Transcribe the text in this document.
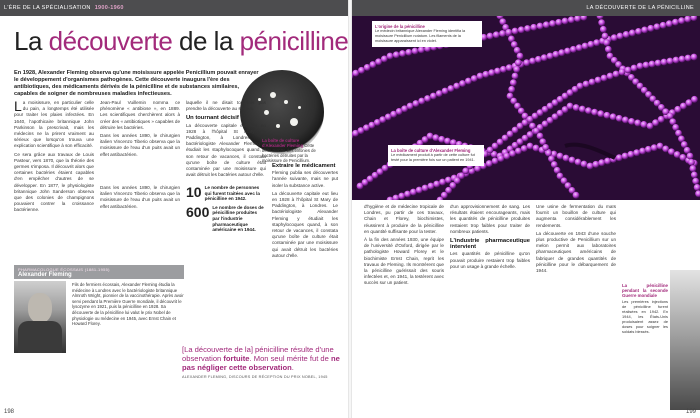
L'ÈRE DE LA SPÉCIALISATION 1900-1960
La découverte de la pénicilline
En 1928, Alexander Fleming observa qu'une moisissure appelée Penicillium pouvait enrayer le développement d'organismes pathogènes. Cette découverte inaugura l'ère des antibiotiques, des médicaments dérivés de la pénicilline et de substances similaires, capables de soigner de nombreuses maladies infectieuses.
La boîte de culture d'Alexander Fleming Cette boîte montre des colonies de bactéries détruites par la moisissure de Penicillium.

La moisissure, en particulier celle du pain, a longtemps été utilisée pour traiter les plaies infectées. En 1640, l'apothicaire britannique John Parkinson la prescrivait, mais les médecins ne la prirent vraiment au sérieux que lorsqu'on trouva une explication scientifique à son efficacité.

Ce sera grâce aux travaux de Louis Pasteur, vers 1870, que la théorie des germes s'imposa. Il découvrit alors que certaines bactéries étaient capables d'en empêcher d'autres de se développer. En 1877, le physiologiste britannique John Sanderson observa que des colonies de champignons pouvaient contrer la croissance bactérienne.

Jean-Paul Vuillemin nomma ce phénomène « antibiose », en 1889. Les scientifiques cherchèrent alors à créer des « antibiotiques » capables de détruire les bactéries.

Dans les années 1890, le chirurgien italien Vincenzo Tiberio observa que la moisissure de l'eau d'un puits avait un effet antibactérien.

10 Le nombre de personnes qui furent traitées avec la pénicilline en 1942.
600 Le nombre de doses de pénicilline produites par l'industrie pharmaceutique américaine en 1944.

Dans les années 1890, le chirurgien italien Vincenzo Tiberio observa que la moisissure de l'eau d'un puits avait un effet antibactérien.

laquelle il ne disait toutefois pas prendre la découverte au sérieux.

Un tournant décisif

La découverte capitale eut lieu en 1928 à l'hôpital St Mary de Paddington, à Londres. Le bactériologiste Alexander Fleming y étudiait les staphylocoques quand, à son retour de vacances, il constata qu'une boîte de culture était contaminée par une moisissure qui avait détruit les bactéries autour d'elle.

Extraire le médicament

Fleming publia ses découvertes l'année suivante, mais ne put isoler la substance active.

La découverte capitale eut lieu en 1928 à l'hôpital St Mary de Paddington, à Londres. Le bactériologiste Alexander Fleming y étudiait les staphylocoques quand, à son retour de vacances, il constata qu'une boîte de culture était contaminée par une moisissure qui avait détruit les bactéries autour d'elle.

PHARMACOLOGUE ÉCOSSAIS (1881-1955)
Alexander Fleming
Fils de fermiers écossais, Alexander Fleming étudia la médecine à Londres avec le bactériologiste britannique Almroth Wright, pionnier de la vaccinothérapie. Après avoir servi pendant la Première Guerre mondiale, il découvrit le lysozyme en 1921, puis la pénicilline en 1928. Sa découverte de la pénicilline lui valut le prix Nobel de physiologie ou médecine en 1945, avec Ernst Chain et Howard Florey.
[La découverte de la] pénicilline résulte d'une observation fortuite. Mon seul mérite fut de ne pas négliger cette observation.
ALEXANDER FLEMING, DISCOURS DE RÉCEPTION DU PRIX NOBEL, 1945
198
LA DÉCOUVERTE DE LA PÉNICILLINE
L'origine de la pénicilline
Le médecin britannique Alexander Fleming identifia la moisissure Penicillium notatum. Les filaments de la moisissure apparaissent ici en violet.
La boîte de culture d'Alexander Fleming
Le médicament produit à partir de cette culture fut testé pour la première fois sur un patient en 1941.

d'hygiène et de médecine tropicale de Londres, pu partir de ces travaux, Chain et Florey, biochimistes, réussirent à produire de la pénicilline en quantité suffisante pour la tester.

À la fin des années 1930, une équipe de l'université d'Oxford, dirigée par le pathologiste Howard Florey et le biochimiste Ernst Chain, reprit les travaux de Fleming. Ils montrèrent que la pénicilline guérissait des souris infectées et, en 1941, la testèrent avec succès sur un patient.

d'un approvisionnement de sang. Les résultats étaient encourageants, mais les quantités de pénicilline produites restaient trop faibles pour traiter de nombreux patients.

L'industrie pharmaceutique intervient

Les quantités de pénicilline qu'on pouvait produire restaient trop faibles pour un usage à grande échelle.

Une usine de fermentation du maïs fournit un bouillon de culture qui augmenta considérablement les rendements.

La découverte en 1943 d'une souche plus productive de Penicillium sur un melon permit aux laboratoires pharmaceutiques américains de fabriquer de grandes quantités de pénicilline pour le débarquement de 1944.

La pénicilline pendant la seconde Guerre mondiale

Les premières injections de pénicilline furent réalisées en 1942. En 1944, les États-Unis produisaient assez de doses pour soigner les soldats blessés.

199
